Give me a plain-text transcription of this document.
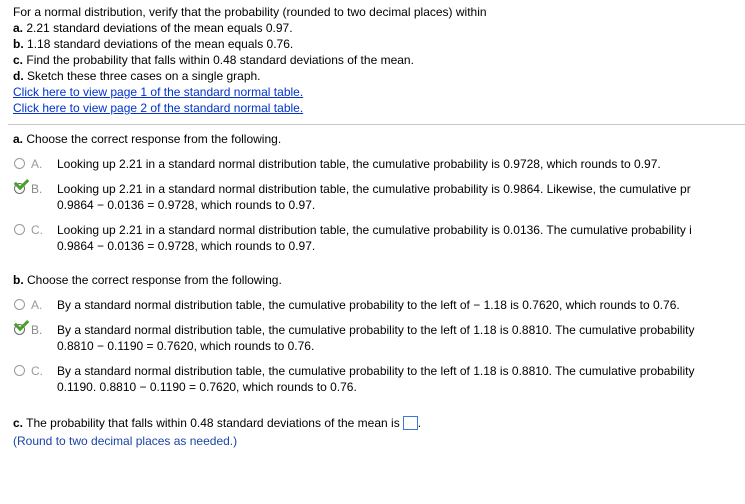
For a normal distribution, verify that the probability (rounded to two decimal places) within
a. 2.21 standard deviations of the mean equals 0.97.
b. 1.18 standard deviations of the mean equals 0.76.
c. Find the probability that falls within 0.48 standard deviations of the mean.
d. Sketch these three cases on a single graph.
Click here to view page 1 of the standard normal table.
Click here to view page 2 of the standard normal table.
a. Choose the correct response from the following.
A. Looking up 2.21 in a standard normal distribution table, the cumulative probability is 0.9728, which rounds to 0.97.
B. Looking up 2.21 in a standard normal distribution table, the cumulative probability is 0.9864. Likewise, the cumulative pr
0.9864 − 0.0136 = 0.9728, which rounds to 0.97.
C. Looking up 2.21 in a standard normal distribution table, the cumulative probability is 0.0136. The cumulative probability i
0.9864 − 0.0136 = 0.9728, which rounds to 0.97.
b. Choose the correct response from the following.
A. By a standard normal distribution table, the cumulative probability to the left of − 1.18 is 0.7620, which rounds to 0.76.
B. By a standard normal distribution table, the cumulative probability to the left of 1.18 is 0.8810. The cumulative probability
0.8810 − 0.1190 = 0.7620, which rounds to 0.76.
C. By a standard normal distribution table, the cumulative probability to the left of 1.18 is 0.8810. The cumulative probability
0.1190. 0.8810 − 0.1190 = 0.7620, which rounds to 0.76.
c. The probability that falls within 0.48 standard deviations of the mean is .
(Round to two decimal places as needed.)
